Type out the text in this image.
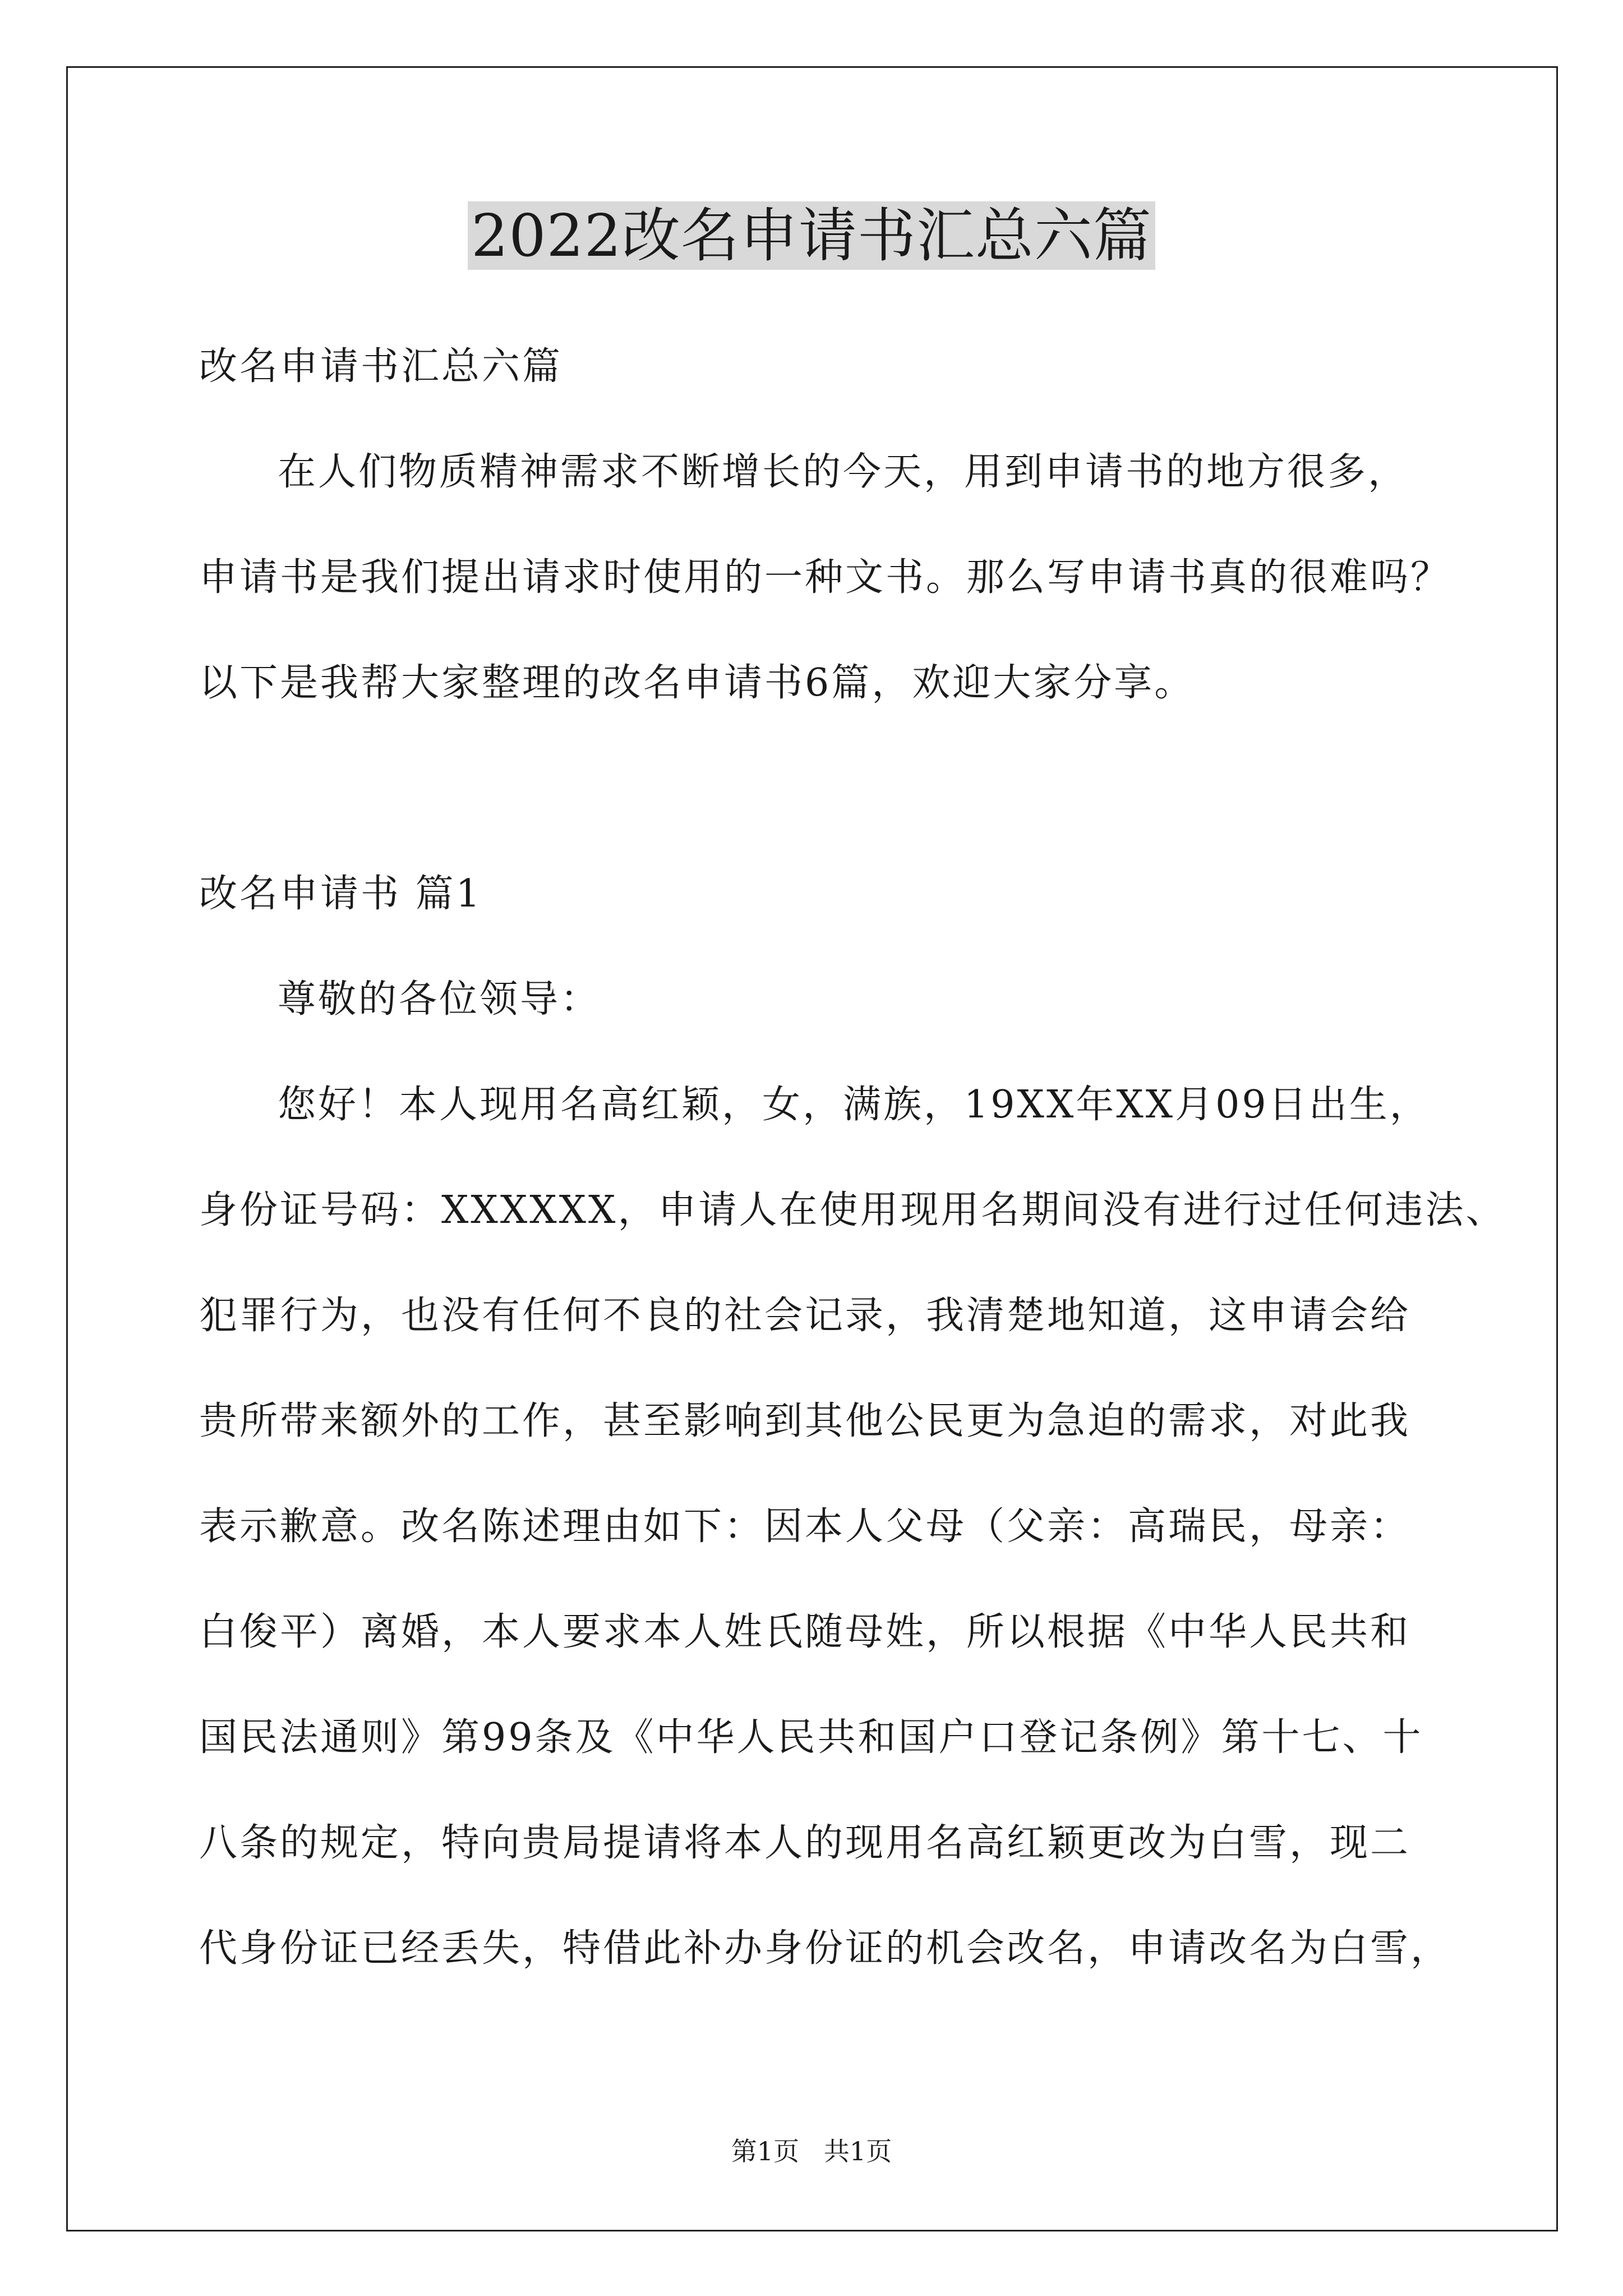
2022改名申请书汇总六篇
改名申请书汇总六篇
在人们物质精神需求不断增长的今天，用到申请书的地方很多，
申请书是我们提出请求时使用的一种文书。那么写申请书真的很难吗？
以下是我帮大家整理的改名申请书6篇，欢迎大家分享。
改名申请书 篇1
尊敬的各位领导：
您好！本人现用名高红颖，女，满族，19XX年XX月09日出生，
身份证号码：XXXXXX，申请人在使用现用名期间没有进行过任何违法、
犯罪行为，也没有任何不良的社会记录，我清楚地知道，这申请会给
贵所带来额外的工作，甚至影响到其他公民更为急迫的需求，对此我
表示歉意。改名陈述理由如下：因本人父母（父亲：高瑞民，母亲：
白俊平）离婚，本人要求本人姓氏随母姓，所以根据《中华人民共和
国民法通则》第99条及《中华人民共和国户口登记条例》第十七、十
八条的规定，特向贵局提请将本人的现用名高红颖更改为白雪，现二
代身份证已经丢失，特借此补办身份证的机会改名，申请改名为白雪，
第1页   共1页
